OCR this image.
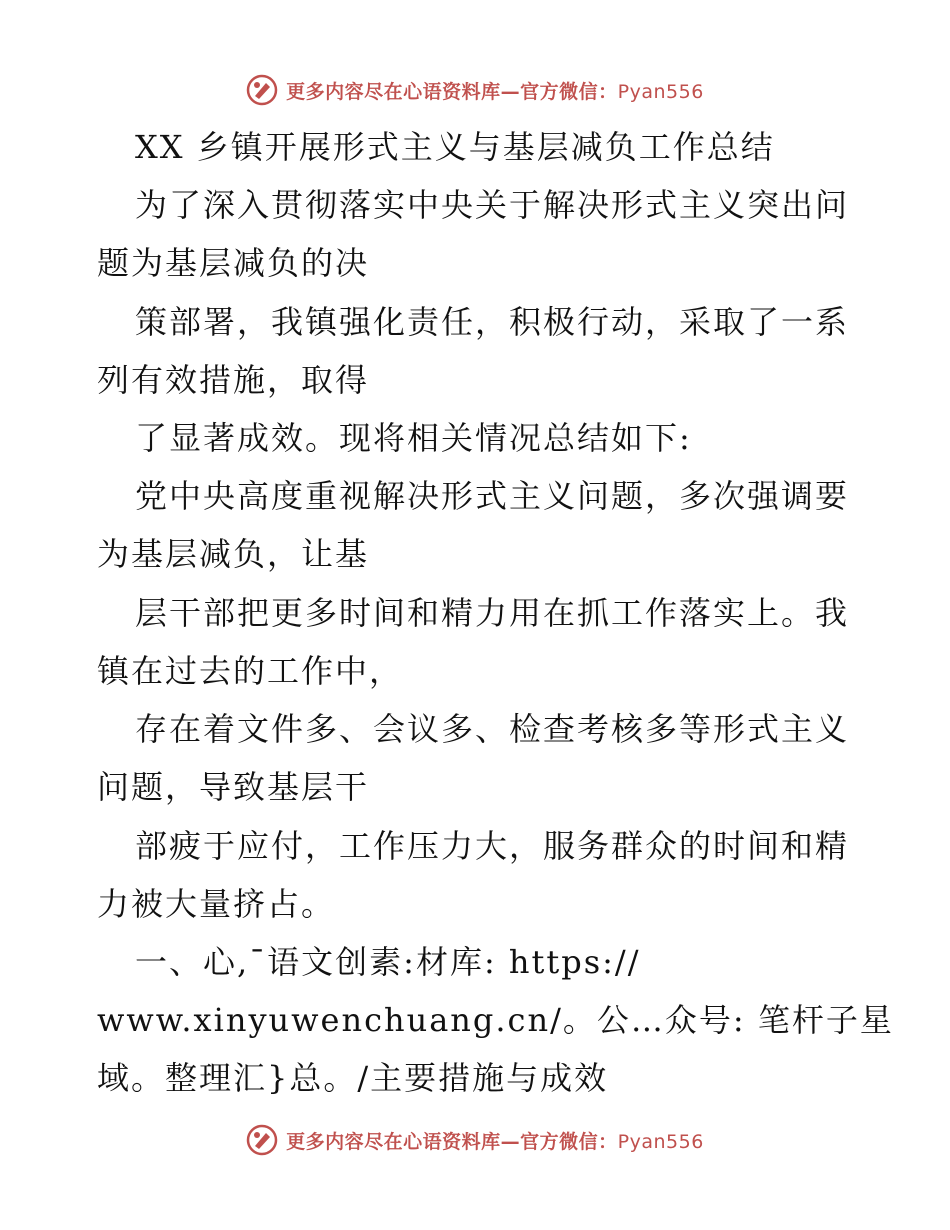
更多内容尽在心语资料库—官方微信：Pyan556
XX 乡镇开展形式主义与基层减负工作总结
为了深入贯彻落实中央关于解决形式主义突出问
题为基层减负的决
策部署，我镇强化责任，积极行动，采取了一系
列有效措施，取得
了显著成效。现将相关情况总结如下:
党中央高度重视解决形式主义问题，多次强调要
为基层减负，让基
层干部把更多时间和精力用在抓工作落实上。我
镇在过去的工作中，
存在着文件多、会议多、检查考核多等形式主义
问题，导致基层干
部疲于应付，工作压力大，服务群众的时间和精
力被大量挤占。
一、心,¯语文创素:材库: https://
www.xinyuwenchuang.cn/。公…众号: 笔杆子星
域。整理汇}总。/主要措施与成效
更多内容尽在心语资料库—官方微信：Pyan556
